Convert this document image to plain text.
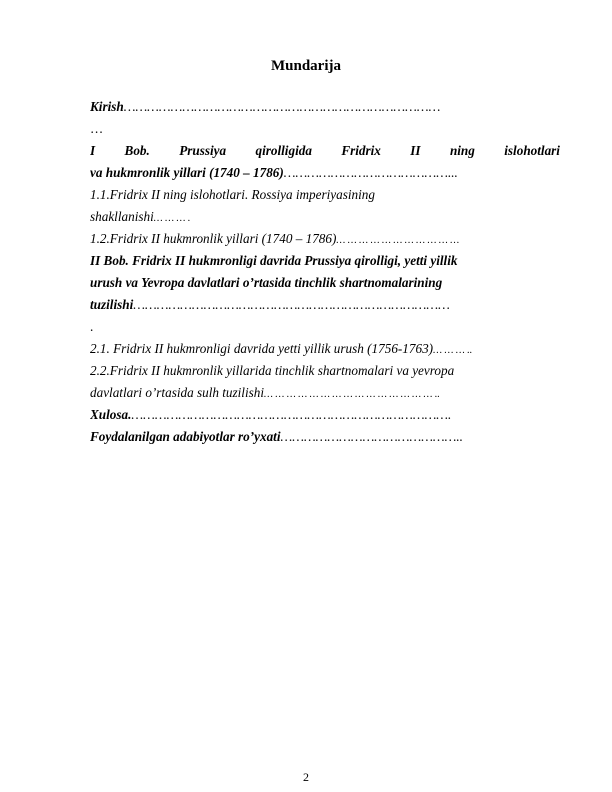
Mundarija
Kirish………………………………………………………………………
…
I Bob. Prussiya qirolligida Fridrix II ning islohotlari
va hukmronlik yillari (1740 – 1786)……………………………………...
1.1.Fridrix II ning islohotlari. Rossiya imperiyasining
shakllanishi… … … .
1.2.Fridrix II hukmronlik yillari (1740 – 1786)… … … … … … … … … … …
II Bob. Fridrix II hukmronligi davrida Prussiya qirolligi, yetti yillik
urush va Yevropa davlatlari o’rtasida tinchlik shartnomalarining
tuzilishi………………………………………………………………………
.
2.1. Fridrix II hukmronligi davrida yetti yillik urush (1756-1763)… … … ..
2.2.Fridrix II hukmronlik yillarida tinchlik shartnomalari va yevropa
davlatlari o’rtasida sulh tuzilishi… … … … … … … … … … … … … … … ..
Xulosa.……………………………………………………………………….
Foydalanilgan adabiyotlar ro’yxati………………………………………..
2
